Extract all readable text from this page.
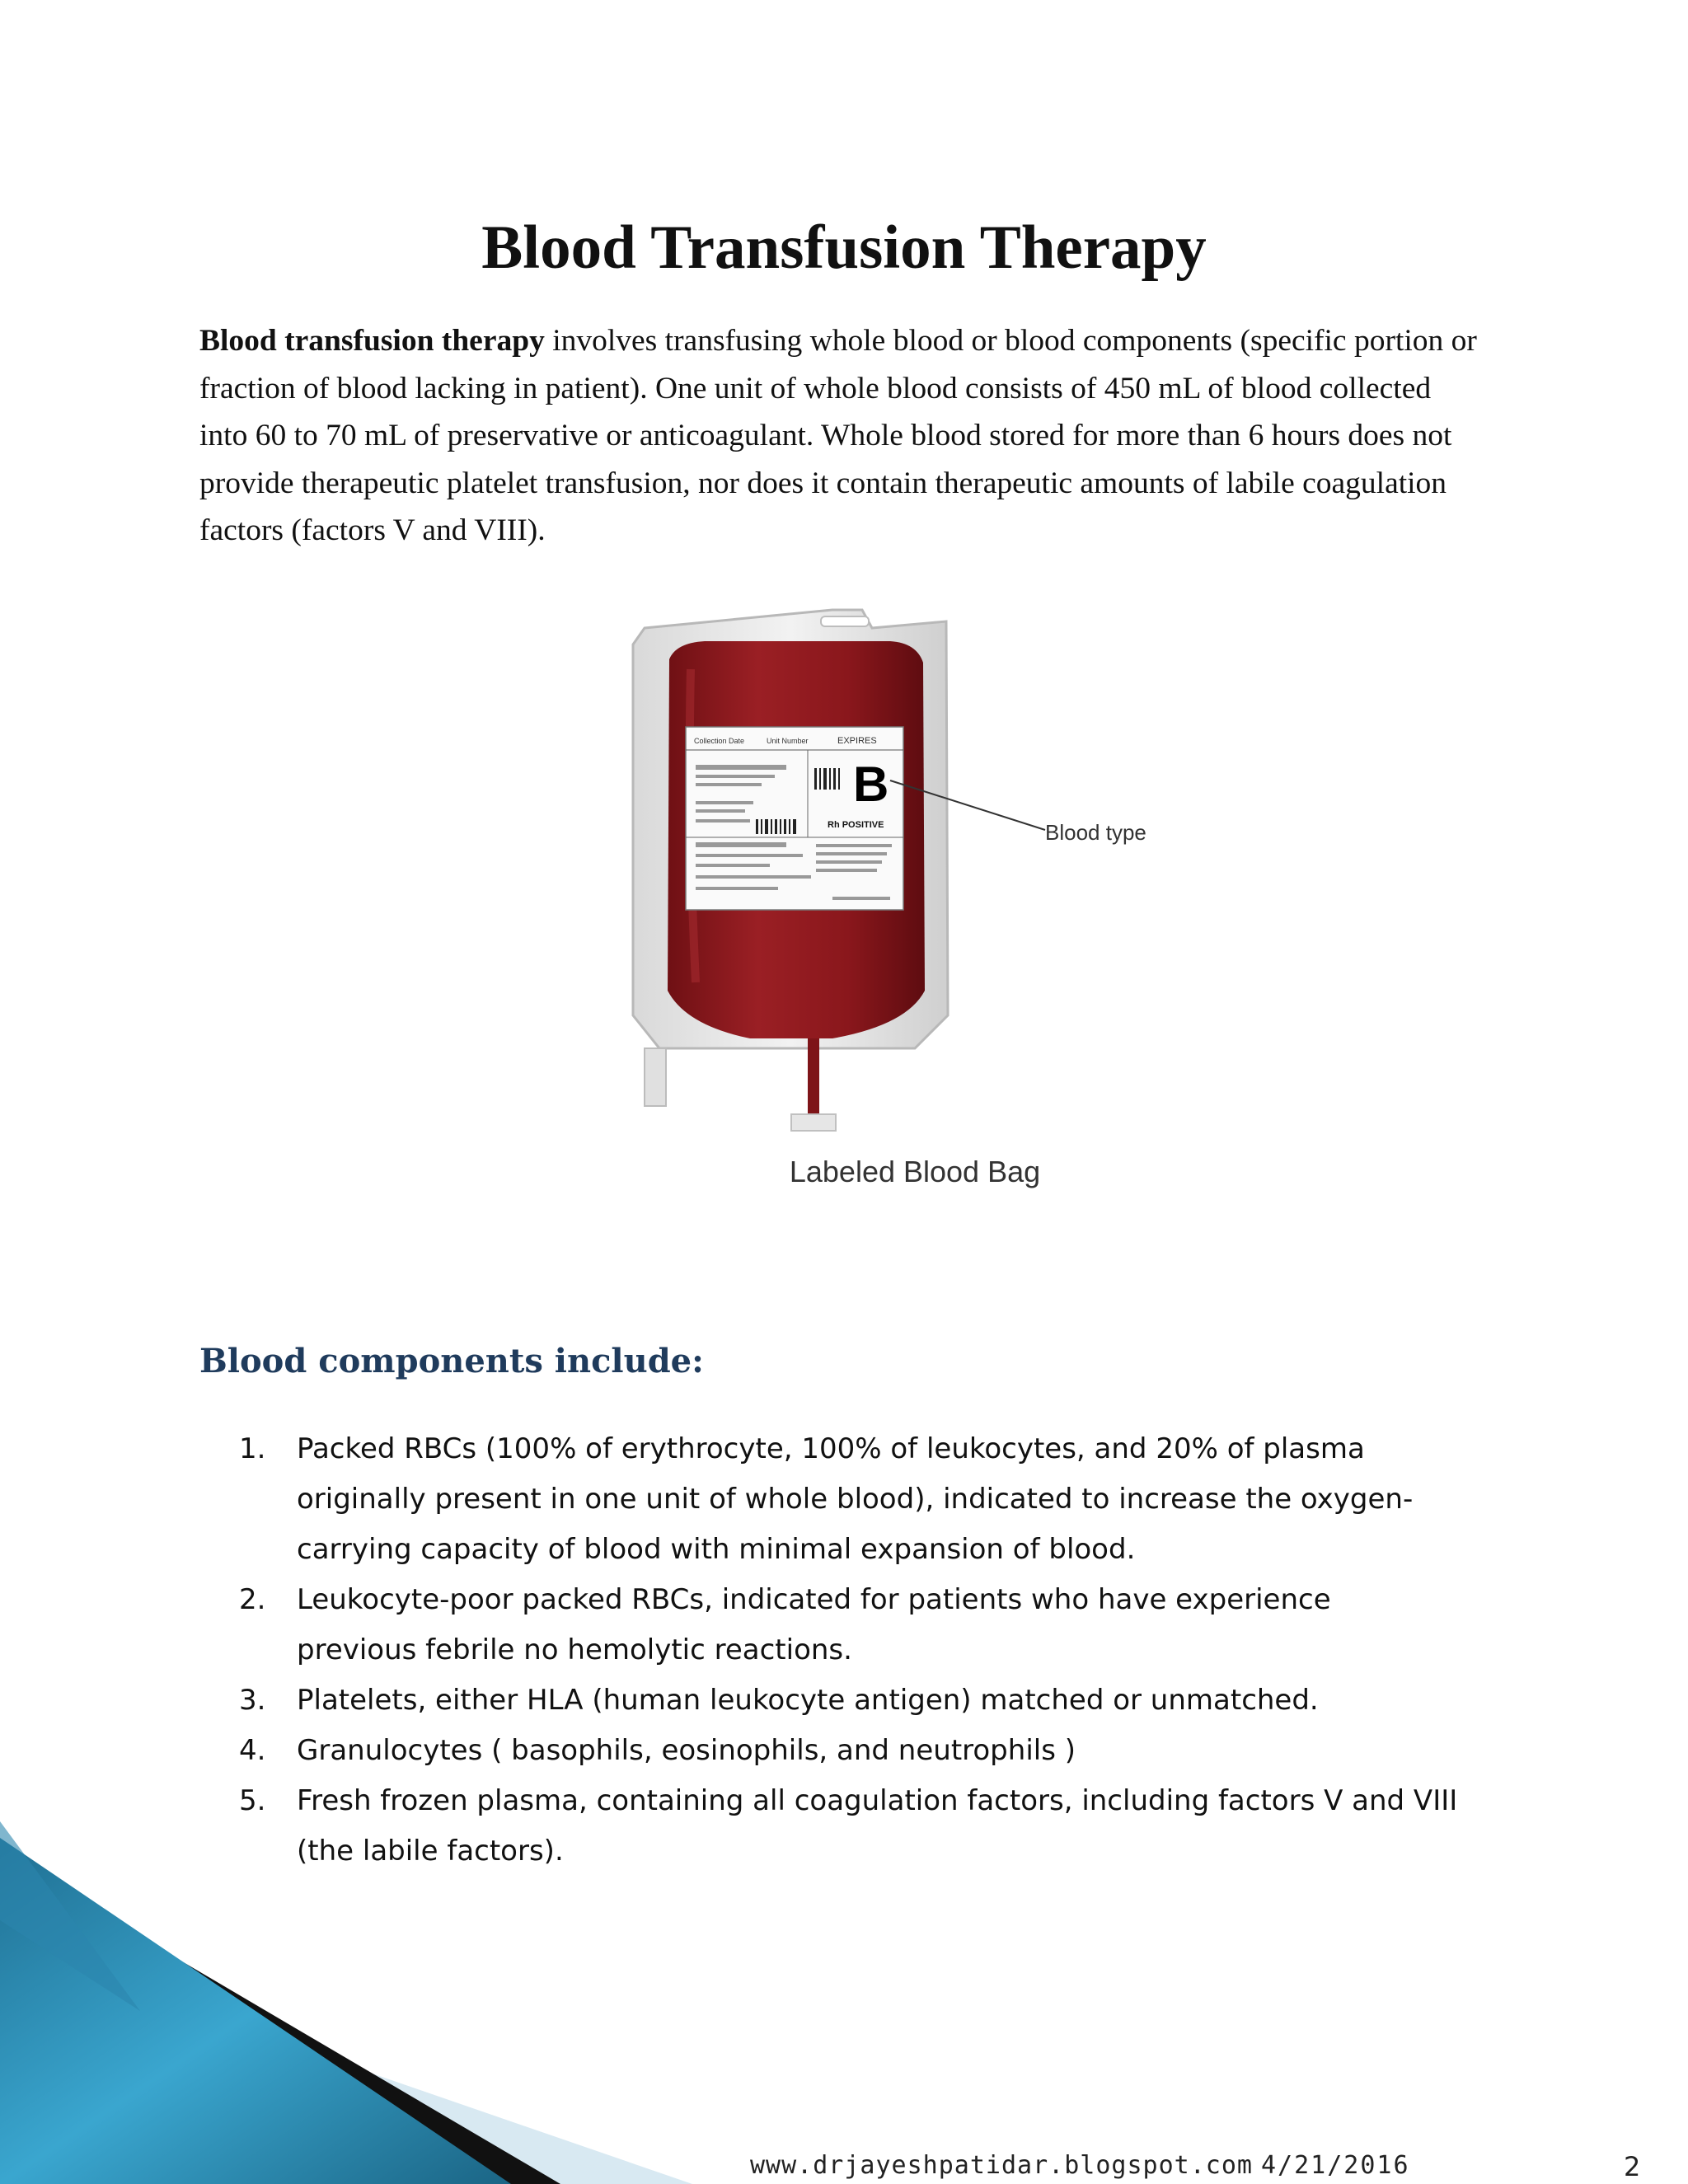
Blood Transfusion Therapy

Blood transfusion therapy involves transfusing whole blood or blood components (specific portion or fraction of blood lacking in patient). One unit of whole blood consists of 450 mL of blood collected into 60 to 70 mL of preservative or anticoagulant. Whole blood stored for more than 6 hours does not provide therapeutic platelet transfusion, nor does it contain therapeutic amounts of labile coagulation factors (factors V and VIII).

Collection Date	Unit Number	EXPIRES
B
Rh POSITIVE	Blood type
Labeled Blood Bag
Blood components include:
1.	Packed RBCs (100% of erythrocyte, 100% of leukocytes, and 20% of plasma originally present in one unit of whole blood), indicated to increase the oxygen-carrying capacity of blood with minimal expansion of blood.
2.	Leukocyte-poor packed RBCs, indicated for patients who have experience previous febrile no hemolytic reactions.
3.	Platelets, either HLA (human leukocyte antigen) matched or unmatched.
4.	Granulocytes ( basophils, eosinophils, and neutrophils )
5.	Fresh frozen plasma, containing all coagulation factors, including factors V and VIII (the labile factors).
www.drjayeshpatidar.blogspot.com 4/21/2016	2
